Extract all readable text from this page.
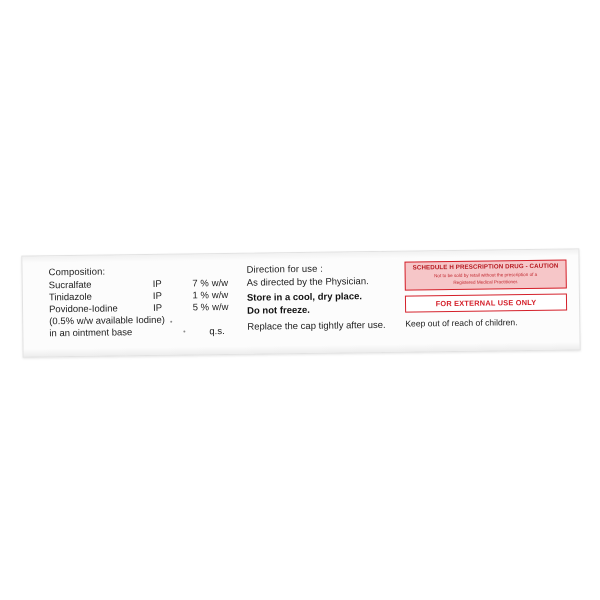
Composition:
Sucralfate	IP	7 %	w/w
Tinidazole	IP	1 %	w/w
Povidone-Iodine	IP	5 %	w/w
(0.5% w/w available Iodine)
in an ointment base	q.s.
Direction for use :
As directed by the Physician.
Store in a cool, dry place.
Do not freeze.
Replace the cap tightly after use.
SCHEDULE H PRESCRIPTION DRUG - CAUTION
Not to be sold by retail without the prescription of a
Registered Medical Practitioner.
FOR EXTERNAL USE ONLY
Keep out of reach of children.
